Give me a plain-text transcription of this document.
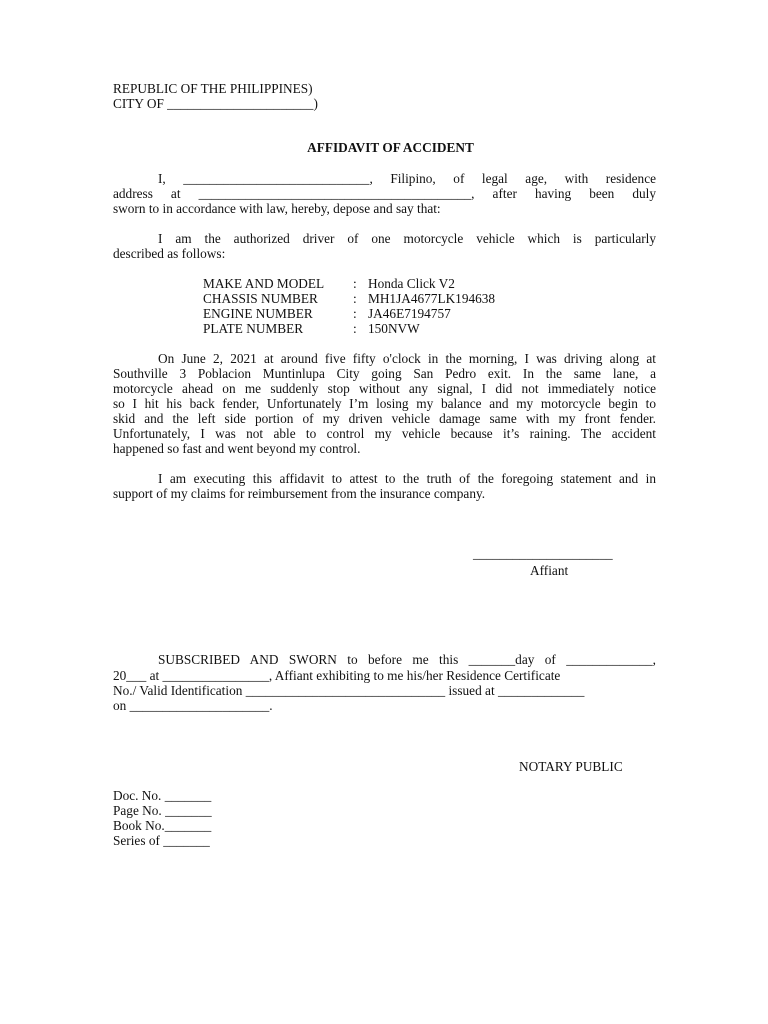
REPUBLIC OF THE PHILIPPINES)
CITY OF ______________________)
AFFIDAVIT OF ACCIDENT
I, ____________________________, Filipino, of legal age, with residence
address at _________________________________________, after having been duly
sworn to in accordance with law, hereby, depose and say that:
I am the authorized driver of one motorcycle vehicle which is particularly
described as follows:
MAKE AND MODEL : Honda Click V2
CHASSIS NUMBER	: MH1JA4677LK194638
ENGINE NUMBER	: JA46E7194757
PLATE NUMBER	: 150NVW
On June 2, 2021 at around five fifty o'clock in the morning, I was driving along at
Southville 3 Poblacion Muntinlupa City going San Pedro exit. In the same lane, a
motorcycle ahead on me suddenly stop without any signal, I did not immediately notice
so I hit his back fender, Unfortunately I’m losing my balance and my motorcycle begin to
skid and the left side portion of my driven vehicle damage same with my front fender.
Unfortunately, I was not able to control my vehicle because it’s raining. The accident
happened so fast and went beyond my control.
I am executing this affidavit to attest to the truth of the foregoing statement and in
support of my claims for reimbursement from the insurance company.
_____________________
Affiant
SUBSCRIBED AND SWORN to before me this _______day of _____________,
20___ at ________________, Affiant exhibiting to me his/her Residence Certificate
No./ Valid Identification ______________________________ issued at _____________
on _____________________.
NOTARY PUBLIC
Doc. No. _______
Page No. _______
Book No._______
Series of _______
